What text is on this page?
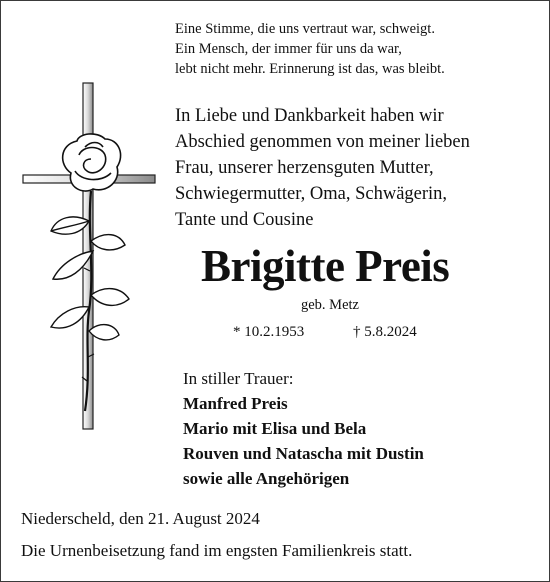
Eine Stimme, die uns vertraut war, schweigt.
Ein Mensch, der immer für uns da war,
lebt nicht mehr. Erinnerung ist das, was bleibt.
In Liebe und Dankbarkeit haben wir
Abschied genommen von meiner lieben
Frau, unserer herzensguten Mutter,
Schwiegermutter, Oma, Schwägerin,
Tante und Cousine
Brigitte Preis
geb. Metz
* 10.2.1953	† 5.8.2024
In stiller Trauer:
Manfred Preis
Mario mit Elisa und Bela
Rouven und Natascha mit Dustin
sowie alle Angehörigen
Niederscheld, den 21. August 2024
Die Urnenbeisetzung fand im engsten Familienkreis statt.
